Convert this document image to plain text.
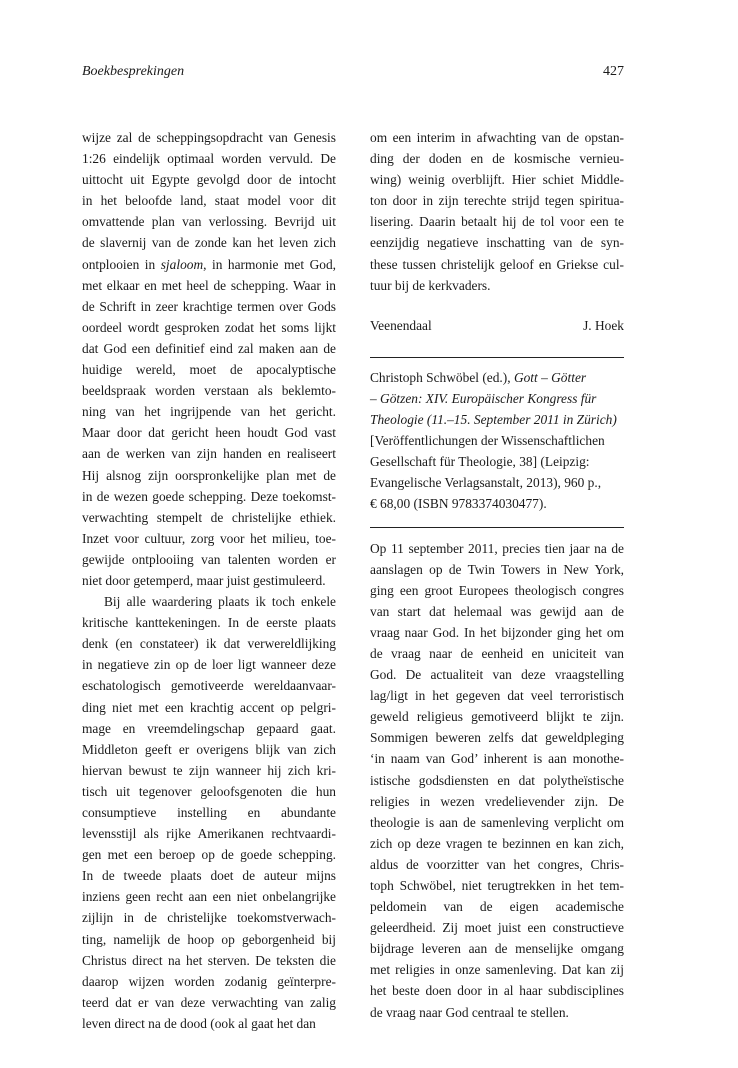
Boekbesprekingen	427
wijze zal de scheppingsopdracht van Genesis
1:26 eindelijk optimaal worden vervuld. De
uittocht uit Egypte gevolgd door de intocht
in het beloofde land, staat model voor dit
omvattende plan van verlossing. Bevrijd uit
de slavernij van de zonde kan het leven zich
ontplooien in sjaloom, in harmonie met God,
met elkaar en met heel de schepping. Waar in
de Schrift in zeer krachtige termen over Gods
oordeel wordt gesproken zodat het soms lijkt
dat God een definitief eind zal maken aan de
huidige wereld, moet de apocalyptische
beeldspraak worden verstaan als beklemto-
ning van het ingrijpende van het gericht.
Maar door dat gericht heen houdt God vast
aan de werken van zijn handen en realiseert
Hij alsnog zijn oorspronkelijke plan met de
in de wezen goede schepping. Deze toekomst-
verwachting stempelt de christelijke ethiek.
Inzet voor cultuur, zorg voor het milieu, toe-
gewijde ontplooiing van talenten worden er
niet door getemperd, maar juist gestimuleerd.
Bij alle waardering plaats ik toch enkele
kritische kanttekeningen. In de eerste plaats
denk (en constateer) ik dat verwereldlijking
in negatieve zin op de loer ligt wanneer deze
eschatologisch gemotiveerde wereldaanvaar-
ding niet met een krachtig accent op pelgri-
mage en vreemdelingschap gepaard gaat.
Middleton geeft er overigens blijk van zich
hiervan bewust te zijn wanneer hij zich kri-
tisch uit tegenover geloofsgenoten die hun
consumptieve instelling en abundante
levensstijl als rijke Amerikanen rechtvaardi-
gen met een beroep op de goede schepping.
In de tweede plaats doet de auteur mijns
inziens geen recht aan een niet onbelangrijke
zijlijn in de christelijke toekomstverwach-
ting, namelijk de hoop op geborgenheid bij
Christus direct na het sterven. De teksten die
daarop wijzen worden zodanig geïnterpre-
teerd dat er van deze verwachting van zalig
leven direct na de dood (ook al gaat het dan
om een interim in afwachting van de opstan-
ding der doden en de kosmische vernieu-
wing) weinig overblijft. Hier schiet Middle-
ton door in zijn terechte strijd tegen spiritua-
lisering. Daarin betaalt hij de tol voor een te
eenzijdig negatieve inschatting van de syn-
these tussen christelijk geloof en Griekse cul-
tuur bij de kerkvaders.
Veenendaal	J. Hoek
Christoph Schwöbel (ed.), Gott – Götter
– Götzen: XIV. Europäischer Kongress für
Theologie (11.–15. September 2011 in Zürich)
[Veröffentlichungen der Wissenschaftlichen
Gesellschaft für Theologie, 38] (Leipzig:
Evangelische Verlagsanstalt, 2013), 960 p.,
€ 68,00 (ISBN 9783374030477).
Op 11 september 2011, precies tien jaar na de
aanslagen op de Twin Towers in New York,
ging een groot Europees theologisch congres
van start dat helemaal was gewijd aan de
vraag naar God. In het bijzonder ging het om
de vraag naar de eenheid en uniciteit van
God. De actualiteit van deze vraagstelling
lag/ligt in het gegeven dat veel terroristisch
geweld religieus gemotiveerd blijkt te zijn.
Sommigen beweren zelfs dat geweldpleging
‘in naam van God’ inherent is aan monothe-
istische godsdiensten en dat polytheïstische
religies in wezen vredelievender zijn. De
theologie is aan de samenleving verplicht om
zich op deze vragen te bezinnen en kan zich,
aldus de voorzitter van het congres, Chris-
toph Schwöbel, niet terugtrekken in het tem-
peldomein van de eigen academische
geleerdheid. Zij moet juist een constructieve
bijdrage leveren aan de menselijke omgang
met religies in onze samenleving. Dat kan zij
het beste doen door in al haar subdisciplines
de vraag naar God centraal te stellen.
